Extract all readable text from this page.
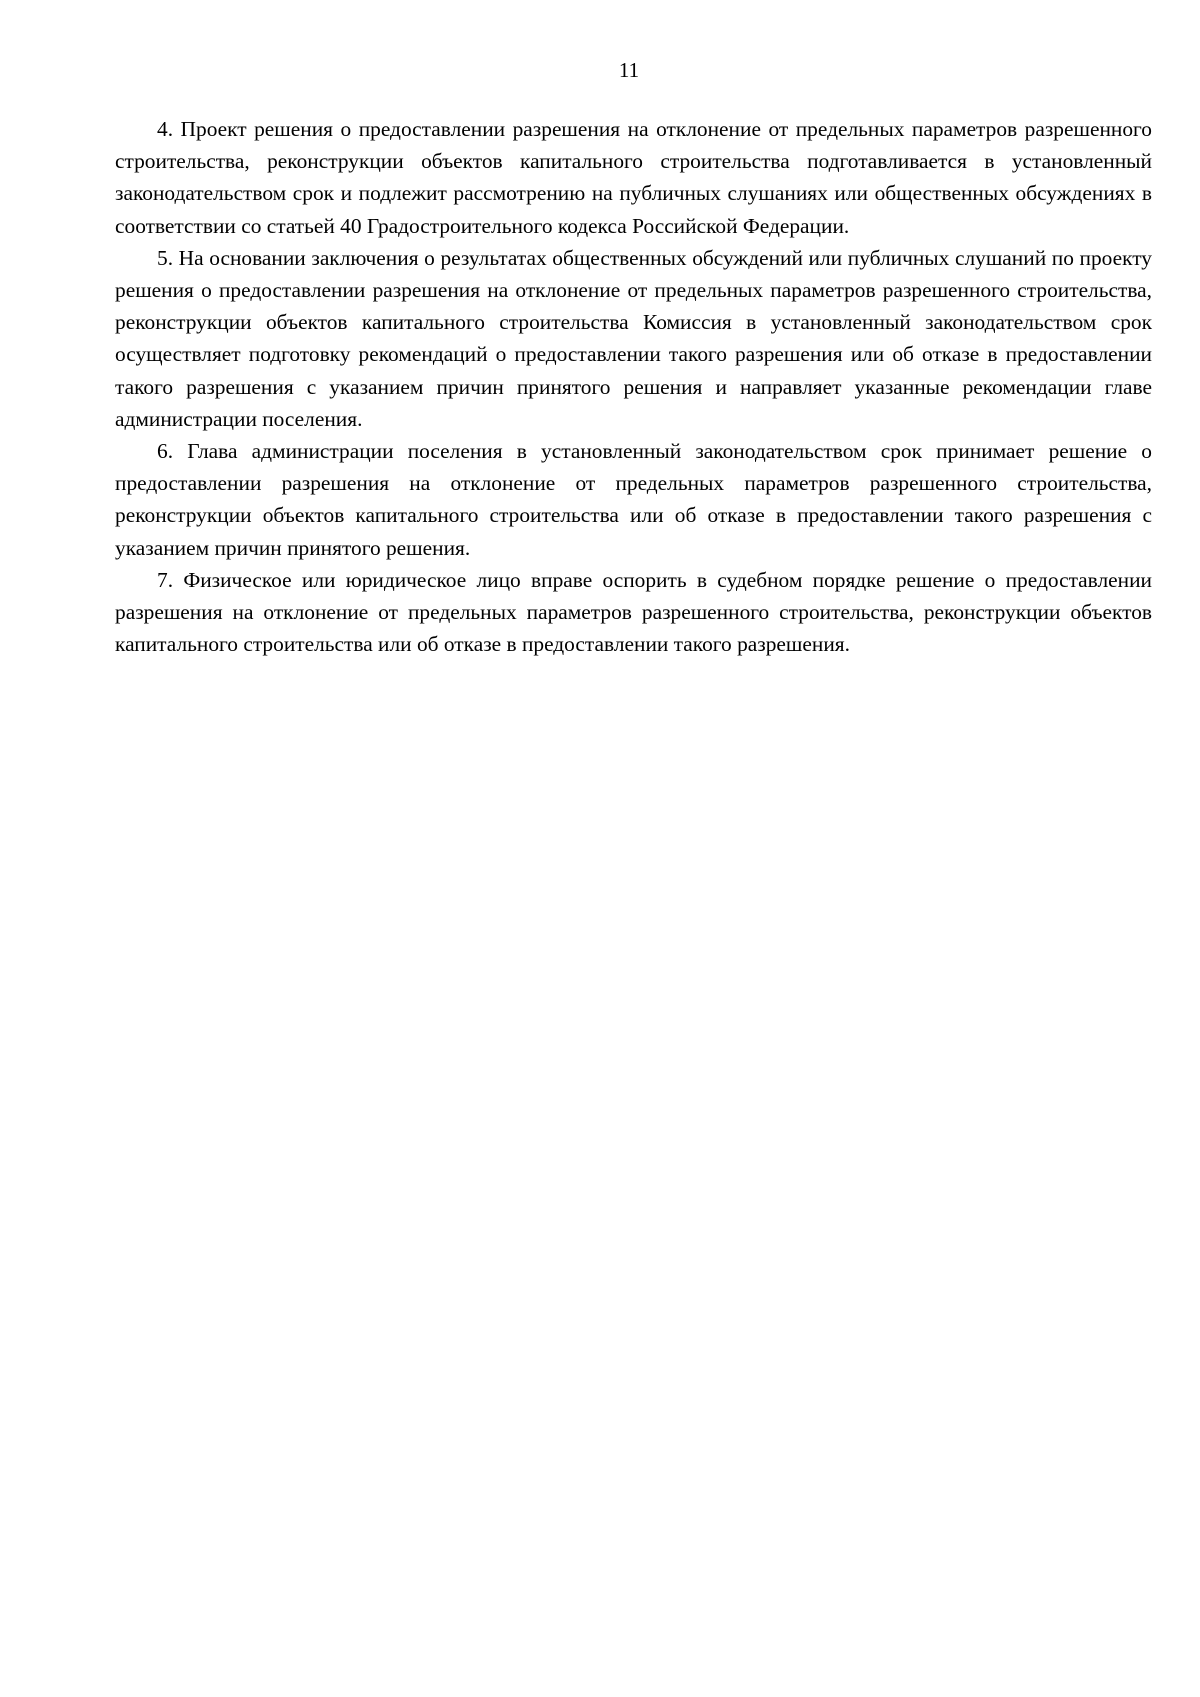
11

4. Проект решения о предоставлении разрешения на отклонение от предельных параметров разрешенного строительства, реконструкции объектов капитального строительства подготавливается в установленный законодательством срок и подлежит рассмотрению на публичных слушаниях или общественных обсуждениях в соответствии со статьей 40 Градостроительного кодекса Российской Федерации.

5. На основании заключения о результатах общественных обсуждений или публичных слушаний по проекту решения о предоставлении разрешения на отклонение от предельных параметров разрешенного строительства, реконструкции объектов капитального строительства Комиссия в установленный законодательством срок осуществляет подготовку рекомендаций о предоставлении такого разрешения или об отказе в предоставлении такого разрешения с указанием причин принятого решения и направляет указанные рекомендации главе администрации поселения.

6. Глава администрации поселения в установленный законодательством срок принимает решение о предоставлении разрешения на отклонение от предельных параметров разрешенного строительства, реконструкции объектов капитального строительства или об отказе в предоставлении такого разрешения с указанием причин принятого решения.

7. Физическое или юридическое лицо вправе оспорить в судебном порядке решение о предоставлении разрешения на отклонение от предельных параметров разрешенного строительства, реконструкции объектов капитального строительства или об отказе в предоставлении такого разрешения.
